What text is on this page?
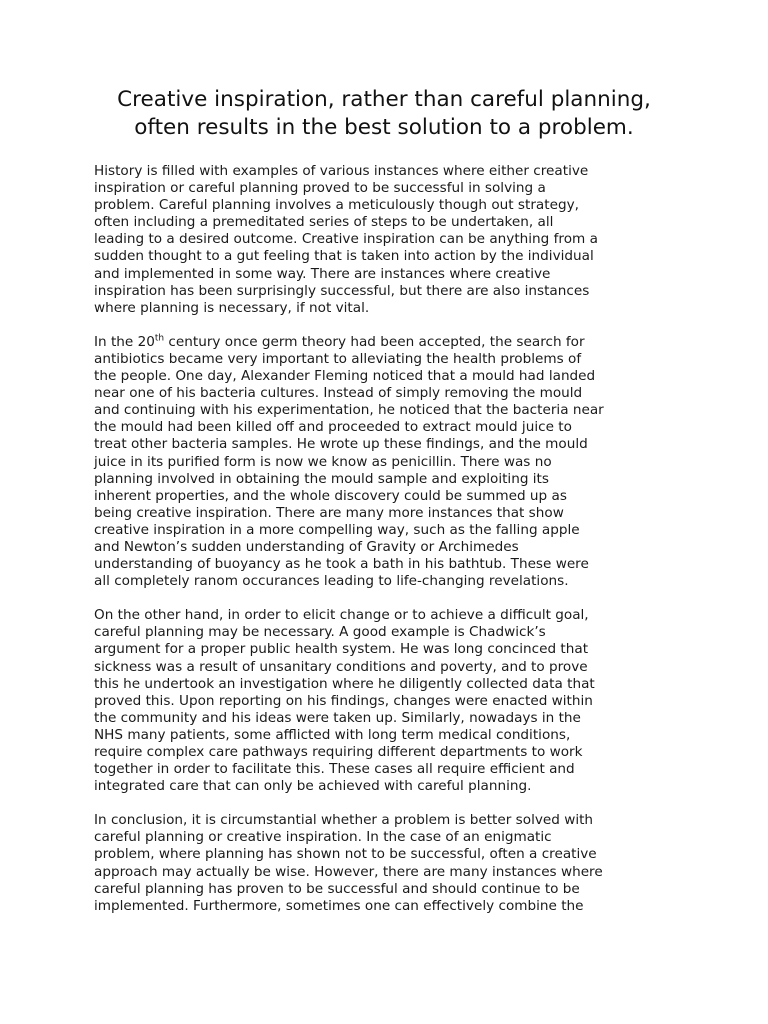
Creative inspiration, rather than careful planning,
often results in the best solution to a problem.

History is filled with examples of various instances where either creative
inspiration or careful planning proved to be successful in solving a
problem. Careful planning involves a meticulously though out strategy,
often including a premeditated series of steps to be undertaken, all
leading to a desired outcome. Creative inspiration can be anything from a
sudden thought to a gut feeling that is taken into action by the individual
and implemented in some way. There are instances where creative
inspiration has been surprisingly successful, but there are also instances
where planning is necessary, if not vital.

In the 20th century once germ theory had been accepted, the search for
antibiotics became very important to alleviating the health problems of
the people. One day, Alexander Fleming noticed that a mould had landed
near one of his bacteria cultures. Instead of simply removing the mould
and continuing with his experimentation, he noticed that the bacteria near
the mould had been killed off and proceeded to extract mould juice to
treat other bacteria samples. He wrote up these findings, and the mould
juice in its purified form is now we know as penicillin. There was no
planning involved in obtaining the mould sample and exploiting its
inherent properties, and the whole discovery could be summed up as
being creative inspiration. There are many more instances that show
creative inspiration in a more compelling way, such as the falling apple
and Newton’s sudden understanding of Gravity or Archimedes
understanding of buoyancy as he took a bath in his bathtub. These were
all completely ranom occurances leading to life-changing revelations.

On the other hand, in order to elicit change or to achieve a difficult goal,
careful planning may be necessary. A good example is Chadwick’s
argument for a proper public health system. He was long concinced that
sickness was a result of unsanitary conditions and poverty, and to prove
this he undertook an investigation where he diligently collected data that
proved this. Upon reporting on his findings, changes were enacted within
the community and his ideas were taken up. Similarly, nowadays in the
NHS many patients, some afflicted with long term medical conditions,
require complex care pathways requiring different departments to work
together in order to facilitate this. These cases all require efficient and
integrated care that can only be achieved with careful planning.

In conclusion, it is circumstantial whether a problem is better solved with
careful planning or creative inspiration. In the case of an enigmatic
problem, where planning has shown not to be successful, often a creative
approach may actually be wise. However, there are many instances where
careful planning has proven to be successful and should continue to be
implemented. Furthermore, sometimes one can effectively combine the
